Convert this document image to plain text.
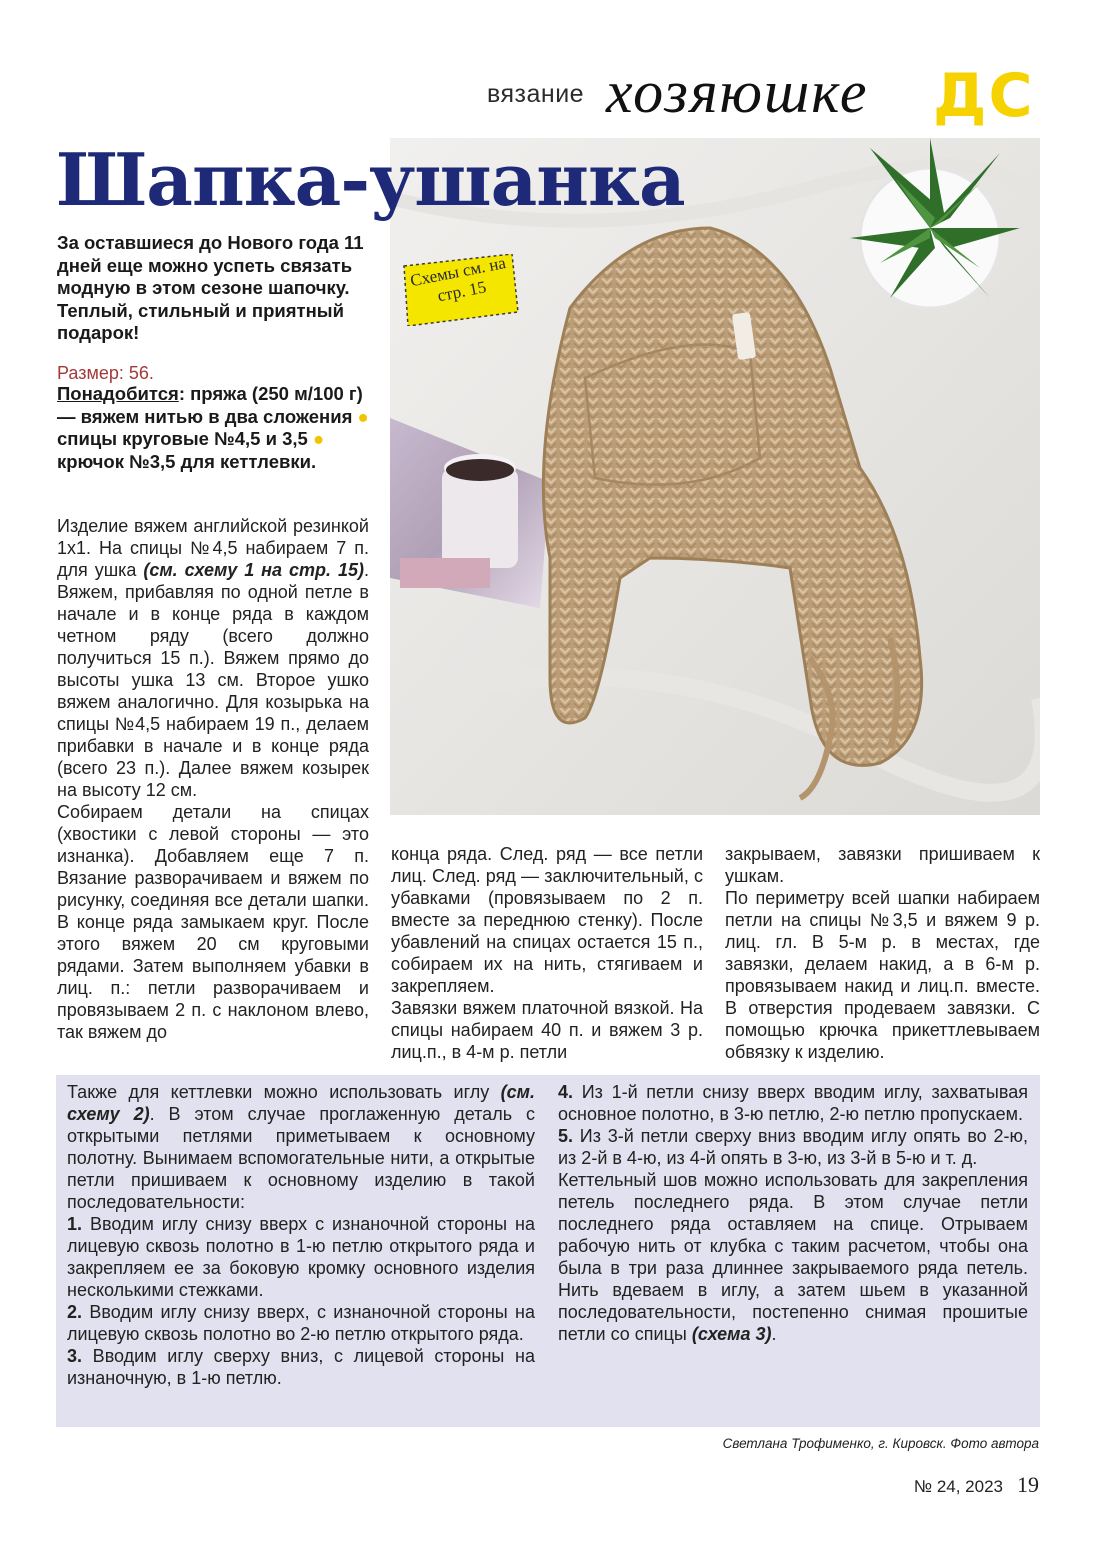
вязание хозяюшке ДС
Шапка-ушанка
Схемы см. на стр. 15
За оставшиеся до Нового года 11 дней еще можно успеть связать модную в этом сезоне шапочку. Теплый, стильный и приятный подарок!
Размер: 56.
Понадобится: пряжа (250 м/100 г) — вяжем нитью в два сложения ● спицы круговые №4,5 и 3,5 ● крючок №3,5 для кеттлевки.
Изделие вяжем английской резинкой 1х1. На спицы №4,5 набираем 7 п. для ушка (см. схему 1 на стр. 15). Вяжем, прибавляя по одной петле в начале и в конце ряда в каждом четном ряду (всего должно получиться 15 п.). Вяжем прямо до высоты ушка 13 см. Второе ушко вяжем аналогично. Для козырька на спицы №4,5 набираем 19 п., делаем прибавки в начале и в конце ряда (всего 23 п.). Далее вяжем козырек на высоту 12 см.
Собираем детали на спицах (хвостики с левой стороны — это изнанка). Добавляем еще 7 п. Вязание разворачиваем и вяжем по рисунку, соединяя все детали шапки. В конце ряда замыкаем круг. После этого вяжем 20 см круговыми рядами. Затем выполняем убавки в лиц. п.: петли разворачиваем и провязываем 2 п. с наклоном влево, так вяжем до
конца ряда. След. ряд — все петли лиц. След. ряд — заключительный, с убавками (провязываем по 2 п. вместе за переднюю стенку). После убавлений на спицах остается 15 п., собираем их на нить, стягиваем и закрепляем.
Завязки вяжем платочной вязкой. На спицы набираем 40 п. и вяжем 3 р. лиц.п., в 4-м р. петли
закрываем, завязки пришиваем к ушкам.
По периметру всей шапки набираем петли на спицы №3,5 и вяжем 9 р. лиц. гл. В 5-м р. в местах, где завязки, делаем накид, а в 6-м р. провязываем накид и лиц.п. вместе. В отверстия продеваем завязки. С помощью крючка прикеттлевываем обвязку к изделию.
Также для кеттлевки можно использовать иглу (см. схему 2). В этом случае проглаженную деталь с открытыми петлями приметываем к основному полотну. Вынимаем вспомогательные нити, а открытые петли пришиваем к основному изделию в такой последовательности:
1. Вводим иглу снизу вверх с изнаночной стороны на лицевую сквозь полотно в 1-ю петлю открытого ряда и закрепляем ее за боковую кромку основного изделия несколькими стежками.
2. Вводим иглу снизу вверх, с изнаночной стороны на лицевую сквозь полотно во 2-ю петлю открытого ряда.
3. Вводим иглу сверху вниз, с лицевой стороны на изнаночную, в 1-ю петлю.
4. Из 1-й петли снизу вверх вводим иглу, захватывая основное полотно, в 3-ю петлю, 2-ю петлю пропускаем.
5. Из 3-й петли сверху вниз вводим иглу опять во 2-ю, из 2-й в 4-ю, из 4-й опять в 3-ю, из 3-й в 5-ю и т. д.
Кеттельный шов можно использовать для закрепления петель последнего ряда. В этом случае петли последнего ряда оставляем на спице. Отрываем рабочую нить от клубка с таким расчетом, чтобы она была в три раза длиннее закрываемого ряда петель. Нить вдеваем в иглу, а затем шьем в указанной последовательности, постепенно снимая прошитые петли со спицы (схема 3).
Светлана Трофименко, г. Кировск. Фото автора
№ 24, 2023 19
